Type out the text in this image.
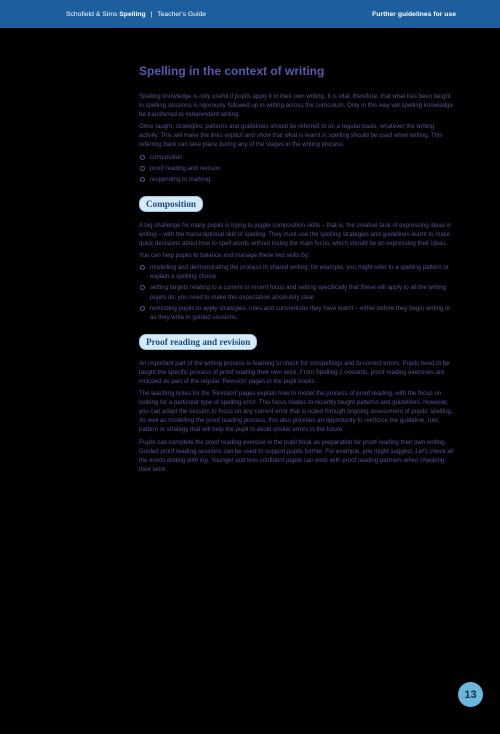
Schofield & Sims Spelling | Teacher's Guide	Further guidelines for use
Spelling in the context of writing

Spelling knowledge is only useful if pupils apply it in their own writing. It is vital, therefore, that what has been taught in spelling sessions is rigorously followed up in writing across the curriculum. Only in this way will spelling knowledge be transferred to independent writing.

Once taught, strategies, patterns and guidelines should be referred to on a regular basis, whatever the writing activity. This will make the links explicit and show that what is learnt in spelling should be used when writing. This referring back can take place during any of the stages in the writing process:

composition
proof reading and revision
responding to marking.
Composition

A big challenge for many pupils is trying to juggle composition skills – that is, the creative task of expressing ideas in writing – with the transcriptional skill of spelling. They must use the spelling strategies and guidelines learnt to make quick decisions about how to spell words without losing the main focus, which should be on expressing their ideas.

You can help pupils to balance and manage these two skills by:

modelling and demonstrating the process in shared writing; for example, you might refer to a spelling pattern or explain a spelling choice
setting targets relating to a current or recent focus and setting specifically that these will apply to all the writing pupils do; you need to make this expectation absolutely clear
reminding pupils to apply strategies, rules and conventions they have learnt – either before they begin writing or as they write in guided sessions.
Proof reading and revision

An important part of the writing process is learning to check for misspellings and to correct errors. Pupils need to be taught the specific process of proof reading their own work. From Spelling 2 onwards, proof reading exercises are included as part of the regular 'Revision' pages in the pupil books.

The teaching notes for the 'Revision' pages explain how to model the process of proof reading, with the focus on looking for a particular type of spelling error. This focus relates to recently taught patterns and guidelines. However, you can adapt the session to focus on any current error that is noted through ongoing assessment of pupils' spelling. As well as modelling the proof reading process, this also provides an opportunity to reinforce the guideline, rule, pattern or strategy that will help the pupil to avoid similar errors in the future.

Pupils can complete the proof reading exercise in the pupil book as preparation for proof reading their own writing. Guided proof reading sessions can be used to support pupils further. For example, you might suggest, Let's check all the words ending with ing. Younger and less confident pupils can work with proof reading partners when checking their work.

13
